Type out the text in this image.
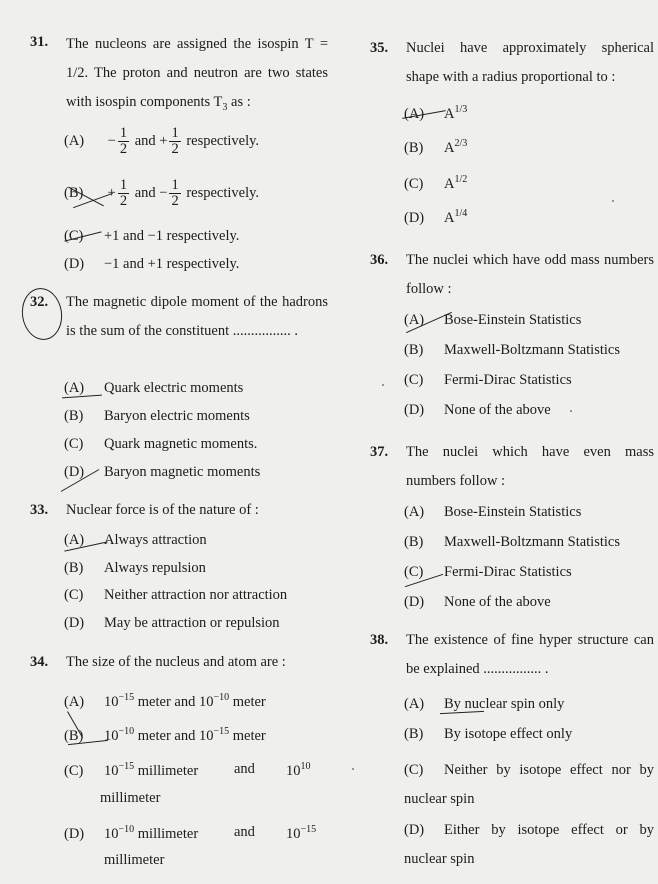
31. The nucleons are assigned the isospin T = 1/2. The proton and neutron are two states with isospin components $T_3$ as :
$(A) - \frac{1}{2}$ and + $\frac{1}{2}$ respectively.
$(B) + \frac{1}{2}$ and − $\frac{1}{2}$ respectively.
(C) +1 and −1 respectively.
(D) −1 and +1 respectively.
32. The magnetic dipole moment of the hadrons is the sum of the constituent ................ .
(A) Quark electric moments
(B) Baryon electric moments
(C) Quark magnetic moments.
(D) Baryon magnetic moments
33. Nuclear force is of the nature of :
(A) Always attraction
(B) Always repulsion
(C) Neither attraction nor attraction
(D) May be attraction or repulsion
34. The size of the nucleus and atom are :
(A) $10^{-15}$ meter and $10^{-10}$ meter
(B) $10^{-10}$ meter and $10^{-15}$ meter
(C) $10^{-15}$ millimeter and $10^{10}$
millimeter
(D) $10^{-10}$ millimeter and $10^{-15}$
millimeter
35. Nuclei have approximately spherical shape with a radius proportional to :
(A) $A^{1/3}$
(B) $A^{2/3}$
(C) $A^{1/2}$
(D) $A^{1/4}$
36. The nuclei which have odd mass numbers follow :
(A) Bose-Einstein Statistics
(B) Maxwell-Boltzmann Statistics
(C) Fermi-Dirac Statistics
(D) None of the above
37. The nuclei which have even mass numbers follow :
(A) Bose-Einstein Statistics
(B) Maxwell-Boltzmann Statistics
(C) Fermi-Dirac Statistics
(D) None of the above
38. The existence of fine hyper structure can be explained ................ .
(A) By nuclear spin only
(B) By isotope effect only
(C) Neither by isotope effect nor by nuclear spin
(D) Either by isotope effect or by nuclear spin
